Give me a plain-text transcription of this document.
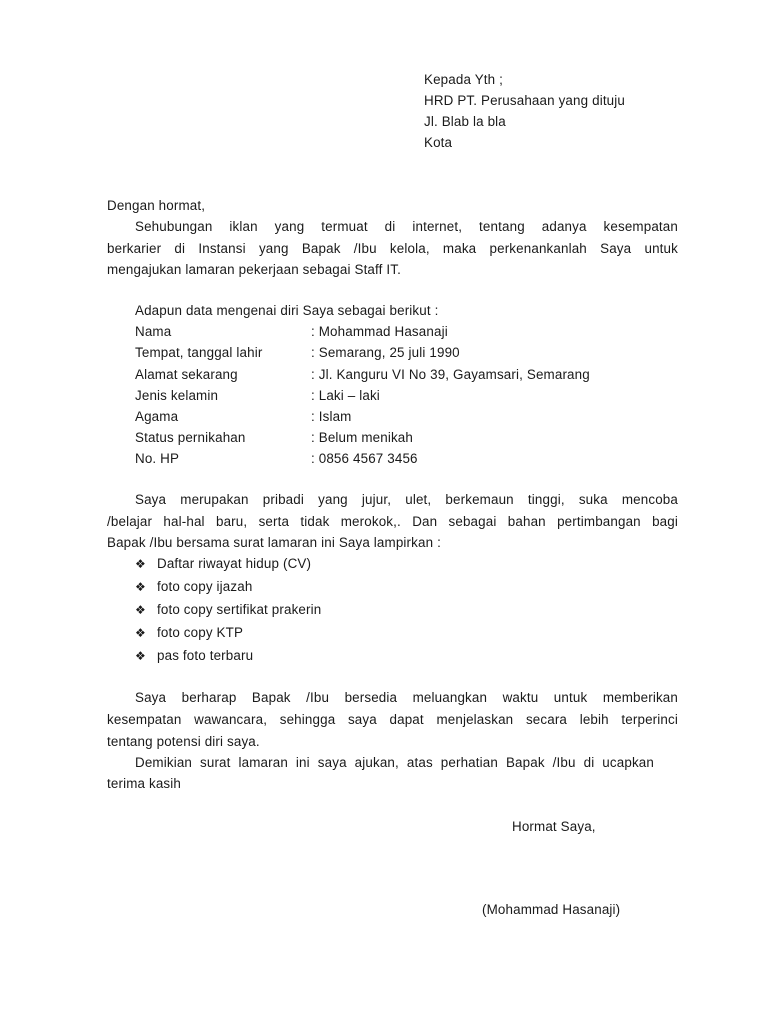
Kepada Yth ;
HRD PT. Perusahaan yang dituju
Jl. Blab la bla
Kota
Dengan hormat,
Sehubungan iklan yang termuat di internet, tentang adanya kesempatan
berkarier di Instansi yang Bapak /Ibu kelola, maka perkenankanlah Saya untuk
mengajukan lamaran pekerjaan sebagai Staff IT.
Adapun data mengenai diri Saya sebagai berikut :
Nama	: Mohammad Hasanaji
Tempat, tanggal lahir	: Semarang, 25 juli 1990
Alamat sekarang	: Jl. Kanguru VI No 39, Gayamsari, Semarang
Jenis kelamin	: Laki – laki
Agama	: Islam
Status pernikahan	: Belum menikah
No. HP	: 0856 4567 3456
Saya merupakan pribadi yang jujur, ulet, berkemaun tinggi, suka mencoba
/belajar hal-hal baru, serta tidak merokok,. Dan sebagai bahan pertimbangan bagi
Bapak /Ibu bersama surat lamaran ini Saya lampirkan :
❖ Daftar riwayat hidup (CV)
❖ foto copy ijazah
❖ foto copy sertifikat prakerin
❖ foto copy KTP
❖ pas foto terbaru
Saya berharap Bapak /Ibu bersedia meluangkan waktu untuk memberikan
kesempatan wawancara, sehingga saya dapat menjelaskan secara lebih terperinci
tentang potensi diri saya.
Demikian surat lamaran ini saya ajukan, atas perhatian Bapak /Ibu di ucapkan
terima kasih
Hormat Saya,
(Mohammad Hasanaji)
